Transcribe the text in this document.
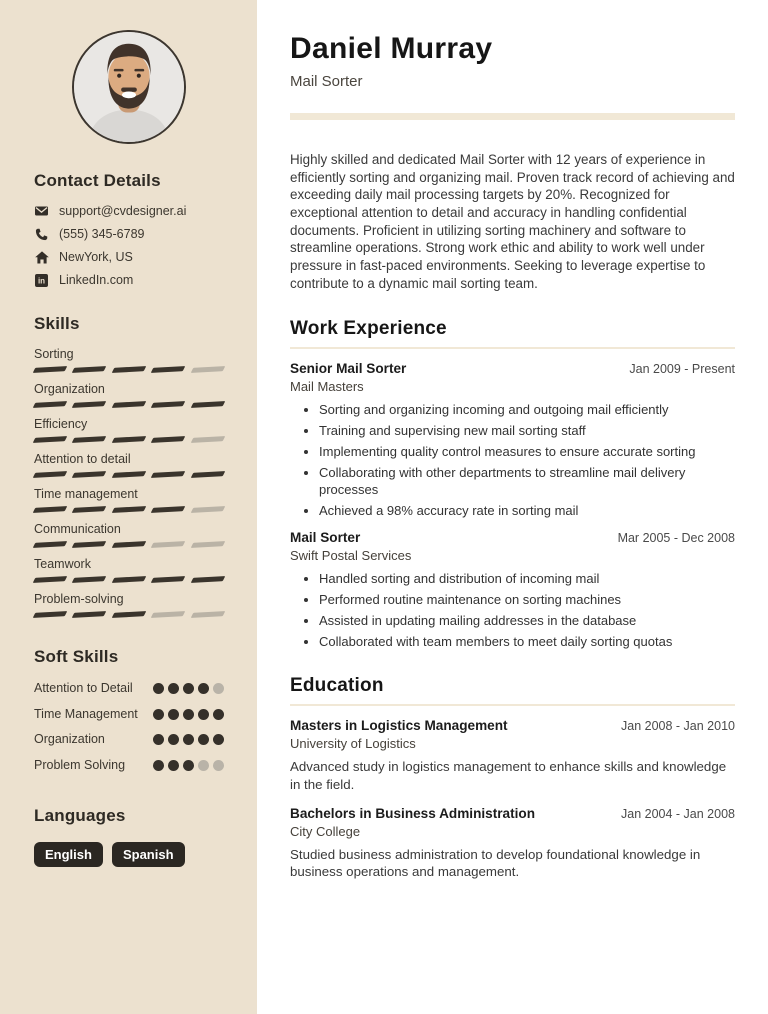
Contact Details
support@cvdesigner.ai
(555) 345-6789
NewYork, US
in LinkedIn.com
Skills
Sorting
Organization
Efficiency
Attention to detail
Time management
Communication
Teamwork
Problem-solving
Soft Skills
Attention to Detail
Time Management
Organization
Problem Solving
Languages
English	Spanish
Daniel Murray
Mail Sorter

Highly skilled and dedicated Mail Sorter with 12 years of experience in efficiently sorting and organizing mail. Proven track record of achieving and exceeding daily mail processing targets by 20%. Recognized for exceptional attention to detail and accuracy in handling confidential documents. Proficient in utilizing sorting machinery and software to streamline operations. Strong work ethic and ability to work well under pressure in fast-paced environments. Seeking to leverage expertise to contribute to a dynamic mail sorting team.

Work Experience
Senior Mail Sorter	Jan 2009 - Present
Mail Masters
• Sorting and organizing incoming and outgoing mail efficiently
• Training and supervising new mail sorting staff
• Implementing quality control measures to ensure accurate sorting
• Collaborating with other departments to streamline mail delivery processes
• Achieved a 98% accuracy rate in sorting mail
Mail Sorter	Mar 2005 - Dec 2008
Swift Postal Services
• Handled sorting and distribution of incoming mail
• Performed routine maintenance on sorting machines
• Assisted in updating mailing addresses in the database
• Collaborated with team members to meet daily sorting quotas
Education
Masters in Logistics Management	Jan 2008 - Jan 2010
University of Logistics

Advanced study in logistics management to enhance skills and knowledge in the field.

Bachelors in Business Administration	Jan 2004 - Jan 2008
City College

Studied business administration to develop foundational knowledge in business operations and management.
